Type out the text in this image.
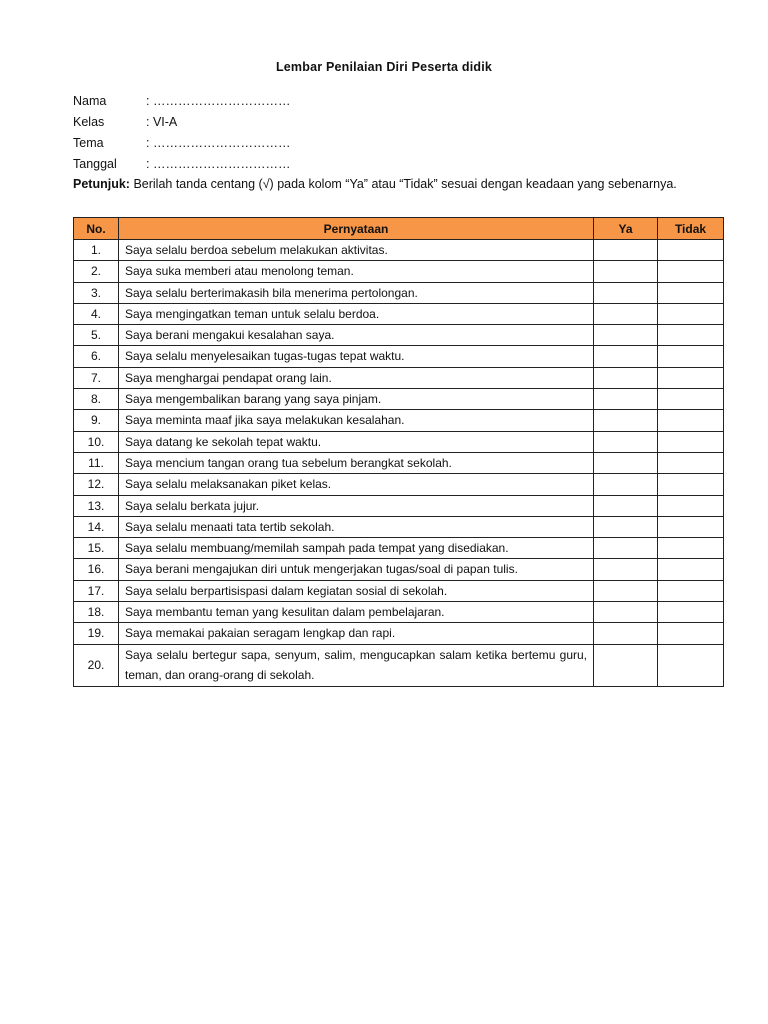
Lembar Penilaian Diri Peserta didik
Nama	: ……………………………
Kelas	: VI-A
Tema	: ……………………………
Tanggal	: ……………………………
Petunjuk: Berilah tanda centang (√) pada kolom “Ya” atau “Tidak” sesuai dengan keadaan yang sebenarnya.
No.	Pernyataan	Ya	Tidak
1.	Saya selalu berdoa sebelum melakukan aktivitas.		
2.	Saya suka memberi atau menolong teman.		
3.	Saya selalu berterimakasih bila menerima pertolongan.		
4.	Saya mengingatkan teman untuk selalu berdoa.		
5.	Saya berani mengakui kesalahan saya.		
6.	Saya selalu menyelesaikan tugas-tugas tepat waktu.		
7.	Saya menghargai pendapat orang lain.		
8.	Saya mengembalikan barang yang saya pinjam.		
9.	Saya meminta maaf jika saya melakukan kesalahan.		
10.	Saya datang ke sekolah tepat waktu.		
11.	Saya mencium tangan orang tua sebelum berangkat sekolah.		
12.	Saya selalu melaksanakan piket kelas.		
13.	Saya selalu berkata jujur.		
14.	Saya selalu menaati tata tertib sekolah.		
15.	Saya selalu membuang/memilah sampah pada tempat yang disediakan.		
16.	Saya berani mengajukan diri untuk mengerjakan tugas/soal di papan tulis.		
17.	Saya selalu berpartisispasi dalam kegiatan sosial di sekolah.		
18.	Saya membantu teman yang kesulitan dalam pembelajaran.		
19.	Saya memakai pakaian seragam lengkap dan rapi.		
20.	Saya selalu bertegur sapa, senyum, salim, mengucapkan salam ketika bertemu guru, teman, dan orang-orang di sekolah.		
